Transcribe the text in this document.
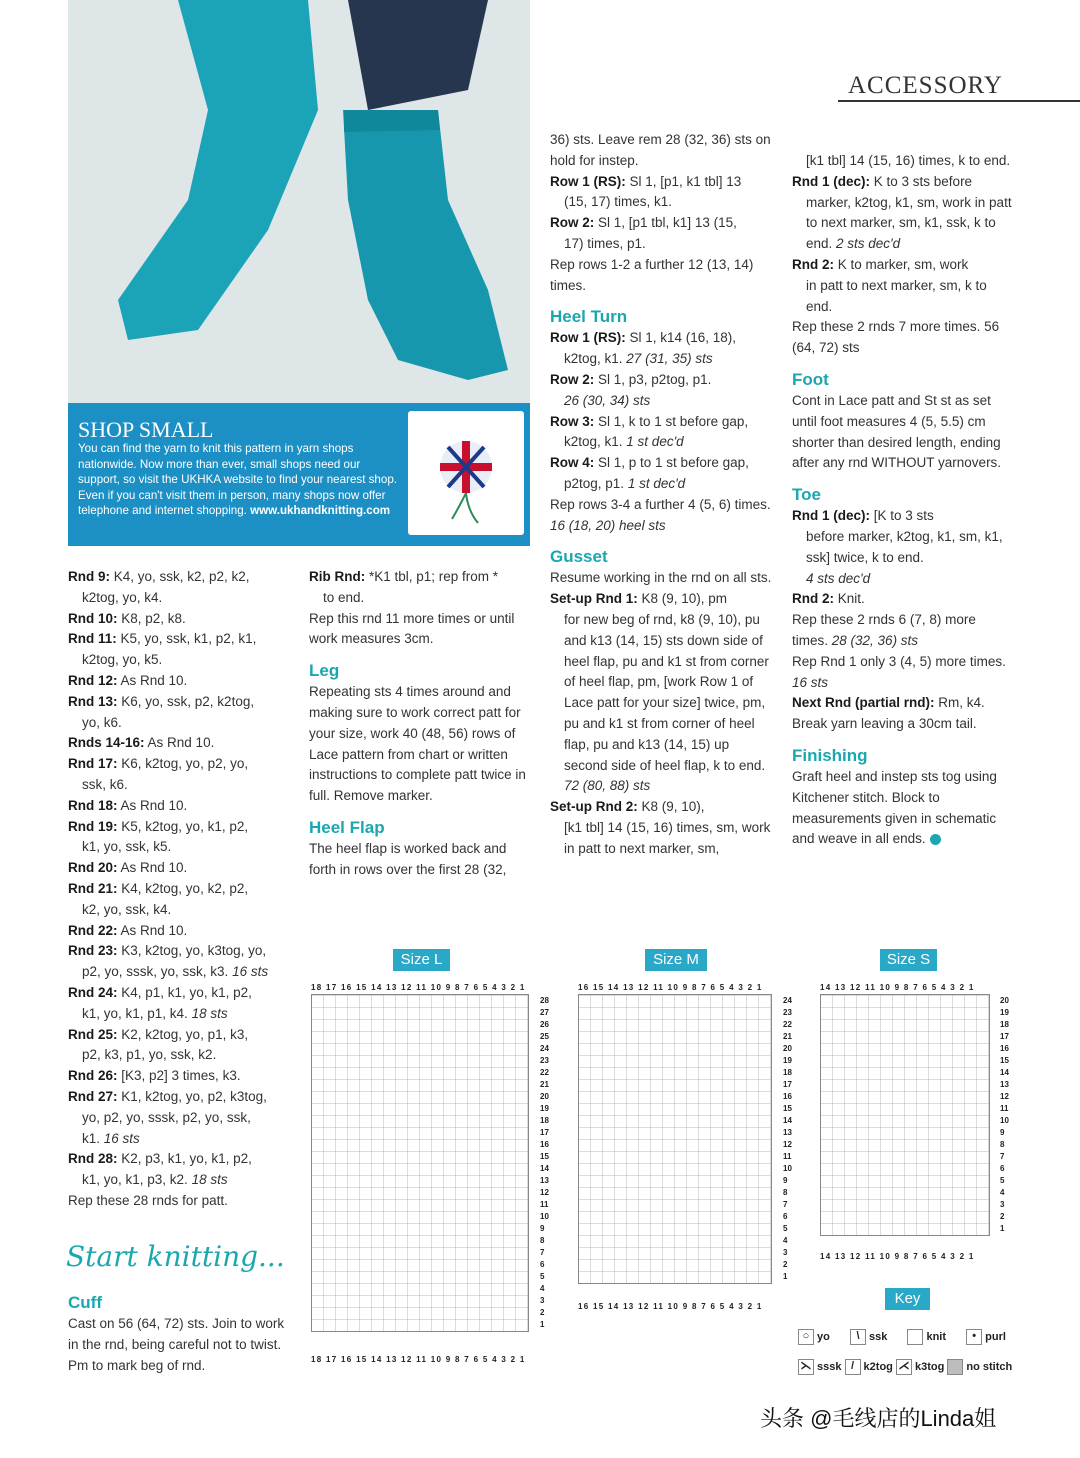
ACCESSORY
SHOP SMALL
You can find the yarn to knit this pattern in yarn shops nationwide. Now more than ever, small shops need our support, so visit the UKHKA website to find your nearest shop. Even if you can't visit them in person, many shops now offer telephone and internet shopping. www.ukhandknitting.com

Rnd 9: K4, yo, ssk, k2, p2, k2,

k2tog, yo, k4.

Rnd 10: K8, p2, k8.

Rnd 11: K5, yo, ssk, k1, p2, k1,

k2tog, yo, k5.

Rnd 12: As Rnd 10.

Rnd 13: K6, yo, ssk, p2, k2tog,

yo, k6.

Rnds 14-16: As Rnd 10.

Rnd 17: K6, k2tog, yo, p2, yo,

ssk, k6.

Rnd 18: As Rnd 10.

Rnd 19: K5, k2tog, yo, k1, p2,

k1, yo, ssk, k5.

Rnd 20: As Rnd 10.

Rnd 21: K4, k2tog, yo, k2, p2,

k2, yo, ssk, k4.

Rnd 22: As Rnd 10.

Rnd 23: K3, k2tog, yo, k3tog, yo,

p2, yo, sssk, yo, ssk, k3. 16 sts

Rnd 24: K4, p1, k1, yo, k1, p2,

k1, yo, k1, p1, k4. 18 sts

Rnd 25: K2, k2tog, yo, p1, k3,

p2, k3, p1, yo, ssk, k2.

Rnd 26: [K3, p2] 3 times, k3.

Rnd 27: K1, k2tog, yo, p2, k3tog,

yo, p2, yo, sssk, p2, yo, ssk,

k1. 16 sts

Rnd 28: K2, p3, k1, yo, k1, p2,

k1, yo, k1, p3, k2. 18 sts

Rep these 28 rnds for patt.

Start knitting...

Cuff

Cast on 56 (64, 72) sts. Join to work in the rnd, being careful not to twist. Pm to mark beg of rnd.

Rib Rnd: *K1 tbl, p1; rep from *

to end.

Rep this rnd 11 more times or until work measures 3cm.

Leg

Repeating sts 4 times around and making sure to work correct patt for your size, work 40 (48, 56) rows of Lace pattern from chart or written instructions to complete patt twice in full. Remove marker.

Heel Flap

The heel flap is worked back and forth in rows over the first 28 (32,

36) sts. Leave rem 28 (32, 36) sts on hold for instep.

Row 1 (RS): Sl 1, [p1, k1 tbl] 13

(15, 17) times, k1.

Row 2: Sl 1, [p1 tbl, k1] 13 (15,

17) times, p1.

Rep rows 1-2 a further 12 (13, 14) times.

Heel Turn

Row 1 (RS): Sl 1, k14 (16, 18),

k2tog, k1. 27 (31, 35) sts

Row 2: Sl 1, p3, p2tog, p1.

26 (30, 34) sts

Row 3: Sl 1, k to 1 st before gap,

k2tog, k1. 1 st dec'd

Row 4: Sl 1, p to 1 st before gap,

p2tog, p1. 1 st dec'd

Rep rows 3-4 a further 4 (5, 6) times. 16 (18, 20) heel sts

Gusset

Resume working in the rnd on all sts.

Set-up Rnd 1: K8 (9, 10), pm

for new beg of rnd, k8 (9, 10), pu and k13 (14, 15) sts down side of heel flap, pu and k1 st from corner of heel flap, pm, [work Row 1 of Lace patt for your size] twice, pm, pu and k1 st from corner of heel flap, pu and k13 (14, 15) up second side of heel flap, k to end. 72 (80, 88) sts

Set-up Rnd 2: K8 (9, 10),

[k1 tbl] 14 (15, 16) times, sm, work in patt to next marker, sm,

[k1 tbl] 14 (15, 16) times, k to end.

Rnd 1 (dec): K to 3 sts before

marker, k2tog, k1, sm, work in patt to next marker, sm, k1, ssk, k to end. 2 sts dec'd

Rnd 2: K to marker, sm, work

in patt to next marker, sm, k to end.

Rep these 2 rnds 7 more times. 56 (64, 72) sts

Foot

Cont in Lace patt and St st as set until foot measures 4 (5, 5.5) cm shorter than desired length, ending after any rnd WITHOUT yarnovers.

Toe

Rnd 1 (dec): [K to 3 sts

before marker, k2tog, k1, sm, k1, ssk] twice, k to end.

4 sts dec'd

Rnd 2: Knit.

Rep these 2 rnds 6 (7, 8) more times. 28 (32, 36) sts

Rep Rnd 1 only 3 (4, 5) more times. 16 sts

Next Rnd (partial rnd): Rm, k4.

Break yarn leaving a 30cm tail.

Finishing

Graft heel and instep sts tog using Kitchener stitch. Block to measurements given in schematic and weave in all ends.

Size L
18 17 16 15 14 13 12 11 10 9 8 7 6 5 4 3 2 1
28
27
26
25
24
23
22
21
20
19
18
17
16
15
14
13
12
11
10
9
8
7
6
5
4
3
2
1
18 17 16 15 14 13 12 11 10 9 8 7 6 5 4 3 2 1
Size M
16 15 14 13 12 11 10 9 8 7 6 5 4 3 2 1
24
23
22
21
20
19
18
17
16
15
14
13
12
11
10
9
8
7
6
5
4
3
2
1
16 15 14 13 12 11 10 9 8 7 6 5 4 3 2 1
Size S
14 13 12 11 10 9 8 7 6 5 4 3 2 1
20
19
18
17
16
15
14
13
12
11
10
9
8
7
6
5
4
3
2
1
14 13 12 11 10 9 8 7 6 5 4 3 2 1
Key
○ yo \ ssk	knit • purl
⋋ sssk / k2tog ⋌ k3tog no stitch
头条 @毛线店的Linda姐
